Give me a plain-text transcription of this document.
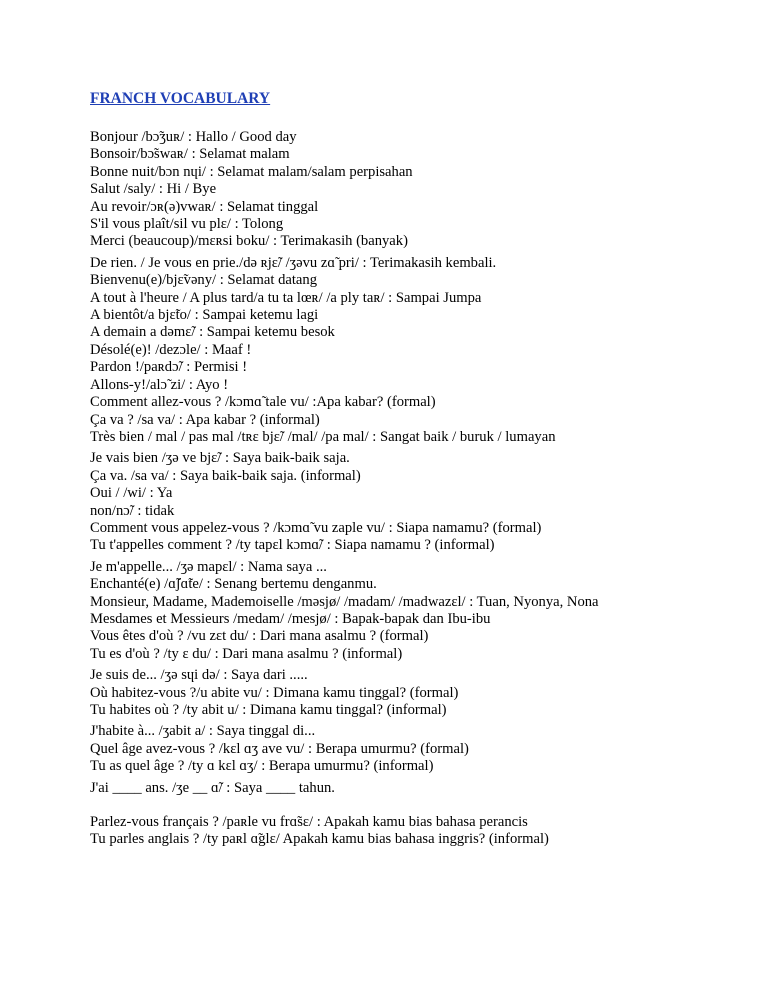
FRANCH VOCABULARY
Bonjour /bɔ̃ʒuʀ/ : Hallo / Good day
Bonsoir/bɔ̃swaʀ/ : Selamat malam
Bonne nuit/bɔn nɥi/ : Selamat malam/salam perpisahan
Salut /saly/ : Hi / Bye
Au revoir/ɔʀ(ə)vwaʀ/ : Selamat tinggal
S'il vous plaît/sil vu plɛ/ : Tolong
Merci (beaucoup)/mɛʀsi boku/ : Terimakasih (banyak)
De rien. / Je vous en prie./də ʀjɛ̃/ /ʒəvu zɑ̃ pri/ : Terimakasih kembali.
Bienvenu(e)/bjɛ̃vəny/ : Selamat datang
A tout à l'heure / A plus tard/a tu ta lœʀ/ /a ply taʀ/ : Sampai Jumpa
A bientôt/a bjɛ̃to/ : Sampai ketemu lagi
A demain a dəmɛ̃/ : Sampai ketemu besok
Désolé(e)! /dezɔle/ : Maaf !
Pardon !/paʀdɔ̃/ : Permisi !
Allons-y!/alɔ̃ zi/ : Ayo !
Comment allez-vous ? /kɔmɑ̃ tale vu/ :Apa kabar? (formal)
Ça va ? /sa va/ : Apa kabar ? (informal)
Très bien / mal / pas mal /tʀɛ bjɛ̃/ /mal/ /pa mal/ : Sangat baik / buruk / lumayan
Je vais bien /ʒə ve bjɛ̃/ : Saya baik-baik saja.
Ça va. /sa va/ : Saya baik-baik saja. (informal)
Oui / /wi/ : Ya
non/nɔ̃/ : tidak
Comment vous appelez-vous ? /kɔmɑ̃ vu zaple vu/ : Siapa namamu? (formal)
Tu t'appelles comment ? /ty tapɛl kɔmɑ̃/ : Siapa namamu ? (informal)
Je m'appelle... /ʒə mapɛl/ : Nama saya ...
Enchanté(e) /ɑ̃ʃɑ̃te/ : Senang bertemu denganmu.
Monsieur, Madame, Mademoiselle /məsjø/ /madam/ /madwazɛl/ : Tuan, Nyonya, Nona
Mesdames et Messieurs /medam/ /mesjø/ : Bapak-bapak dan Ibu-ibu
Vous êtes d'où ? /vu zɛt du/ : Dari mana asalmu ? (formal)
Tu es d'où ? /ty ɛ du/ : Dari mana asalmu ? (informal)
Je suis de... /ʒə sɥi də/ : Saya dari .....
Où habitez-vous ?/u abite vu/ : Dimana kamu tinggal? (formal)
Tu habites où ? /ty abit u/ : Dimana kamu tinggal? (informal)
J'habite à... /ʒabit a/ : Saya tinggal di...
Quel âge avez-vous ? /kɛl ɑʒ ave vu/ : Berapa umurmu? (formal)
Tu as quel âge ? /ty ɑ kɛl ɑʒ/ : Berapa umurmu? (informal)
J'ai ____ ans. /ʒe __ ɑ̃/ : Saya ____ tahun.
Parlez-vous français ? /paʀle vu frɑ̃sɛ/ : Apakah kamu bias bahasa perancis
Tu parles anglais ? /ty paʀl ɑ̃glɛ/ Apakah kamu bias bahasa inggris? (informal)
